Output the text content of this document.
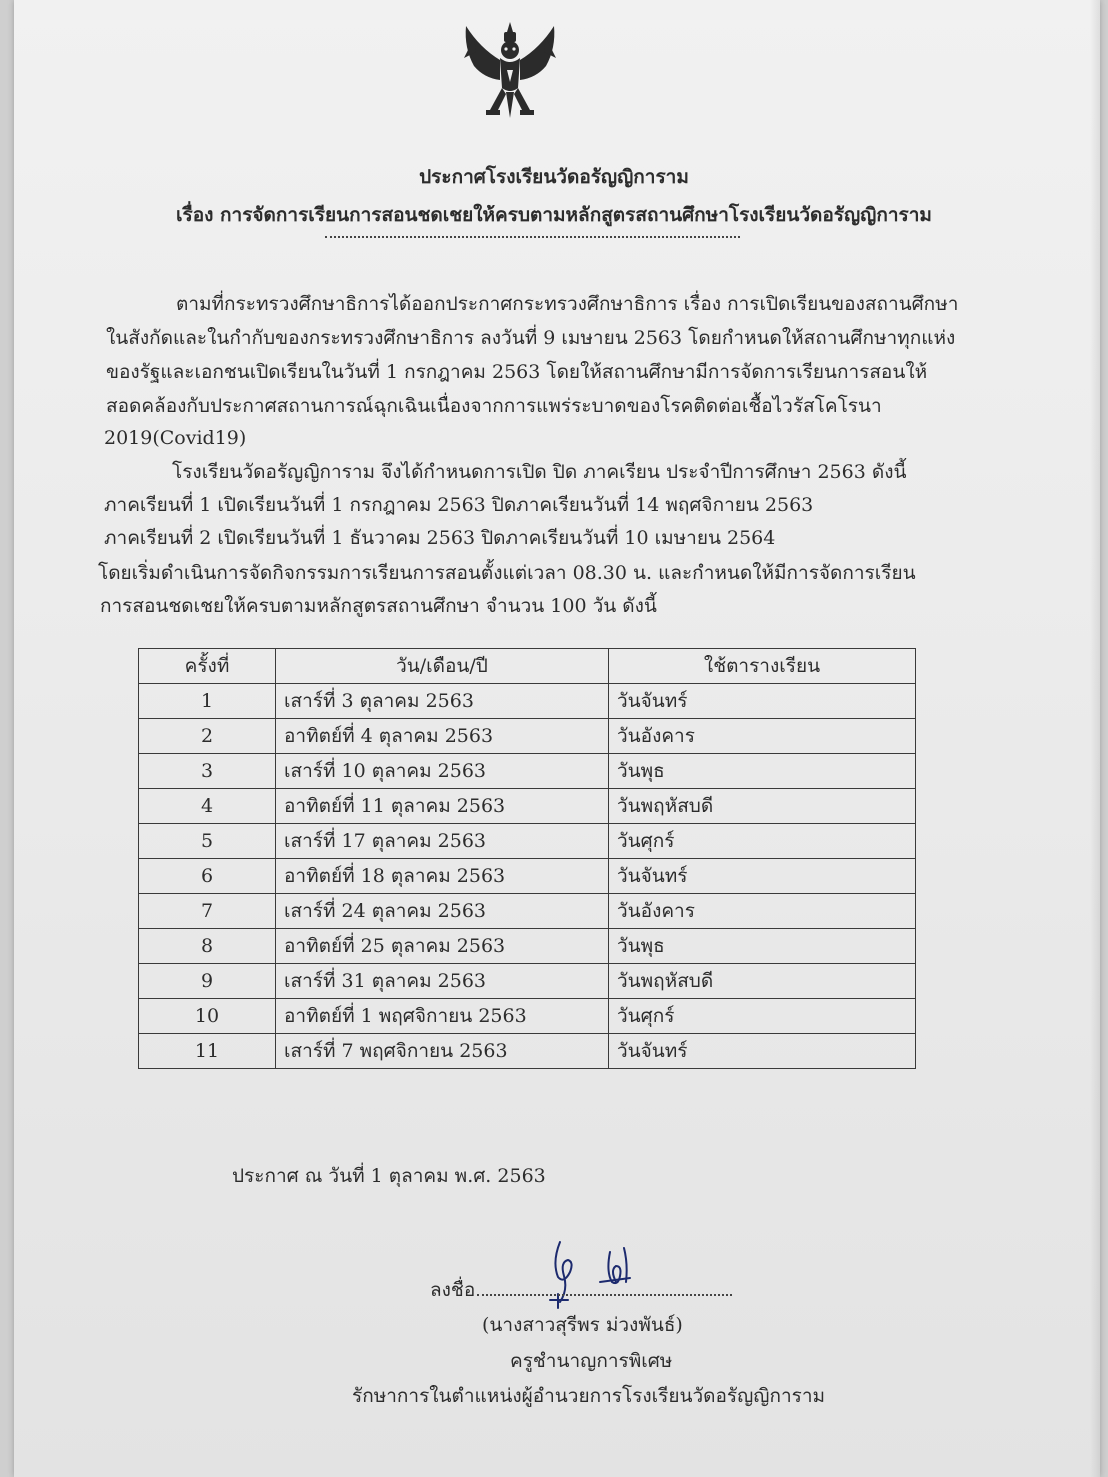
ประกาศโรงเรียนวัดอรัญญิการาม
เรื่อง การจัดการเรียนการสอนชดเชยให้ครบตามหลักสูตรสถานศึกษาโรงเรียนวัดอรัญญิการาม
ตามที่กระทรวงศึกษาธิการได้ออกประกาศกระทรวงศึกษาธิการ เรื่อง การเปิดเรียนของสถานศึกษา
ในสังกัดและในกำกับของกระทรวงศึกษาธิการ ลงวันที่ 9 เมษายน 2563 โดยกำหนดให้สถานศึกษาทุกแห่ง
ของรัฐและเอกชนเปิดเรียนในวันที่ 1 กรกฎาคม 2563 โดยให้สถานศึกษามีการจัดการเรียนการสอนให้
สอดคล้องกับประกาศสถานการณ์ฉุกเฉินเนื่องจากการแพร่ระบาดของโรคติดต่อเชื้อไวรัสโคโรนา
2019(Covid19)
โรงเรียนวัดอรัญญิการาม จึงได้กำหนดการเปิด ปิด ภาคเรียน ประจำปีการศึกษา 2563 ดังนี้
ภาคเรียนที่ 1 เปิดเรียนวันที่ 1 กรกฎาคม 2563 ปิดภาคเรียนวันที่ 14 พฤศจิกายน 2563
ภาคเรียนที่ 2 เปิดเรียนวันที่ 1 ธันวาคม 2563 ปิดภาคเรียนวันที่ 10 เมษายน 2564
โดยเริ่มดำเนินการจัดกิจกรรมการเรียนการสอนตั้งแต่เวลา 08.30 น. และกำหนดให้มีการจัดการเรียน
การสอนชดเชยให้ครบตามหลักสูตรสถานศึกษา จำนวน 100 วัน ดังนี้
ครั้งที่	วัน/เดือน/ปี	ใช้ตารางเรียน
1	เสาร์ที่ 3 ตุลาคม 2563	วันจันทร์
2	อาทิตย์ที่ 4 ตุลาคม 2563	วันอังคาร
3	เสาร์ที่ 10 ตุลาคม 2563	วันพุธ
4	อาทิตย์ที่ 11 ตุลาคม 2563	วันพฤหัสบดี
5	เสาร์ที่ 17 ตุลาคม 2563	วันศุกร์
6	อาทิตย์ที่ 18 ตุลาคม 2563	วันจันทร์
7	เสาร์ที่ 24 ตุลาคม 2563	วันอังคาร
8	อาทิตย์ที่ 25 ตุลาคม 2563	วันพุธ
9	เสาร์ที่ 31 ตุลาคม 2563	วันพฤหัสบดี
10	อาทิตย์ที่ 1 พฤศจิกายน 2563	วันศุกร์
11	เสาร์ที่ 7 พฤศจิกายน 2563	วันจันทร์
ประกาศ ณ วันที่ 1 ตุลาคม พ.ศ. 2563
ลงชื่อ
(นางสาวสุรีพร ม่วงพันธ์)
ครูชำนาญการพิเศษ
รักษาการในตำแหน่งผู้อำนวยการโรงเรียนวัดอรัญญิการาม
